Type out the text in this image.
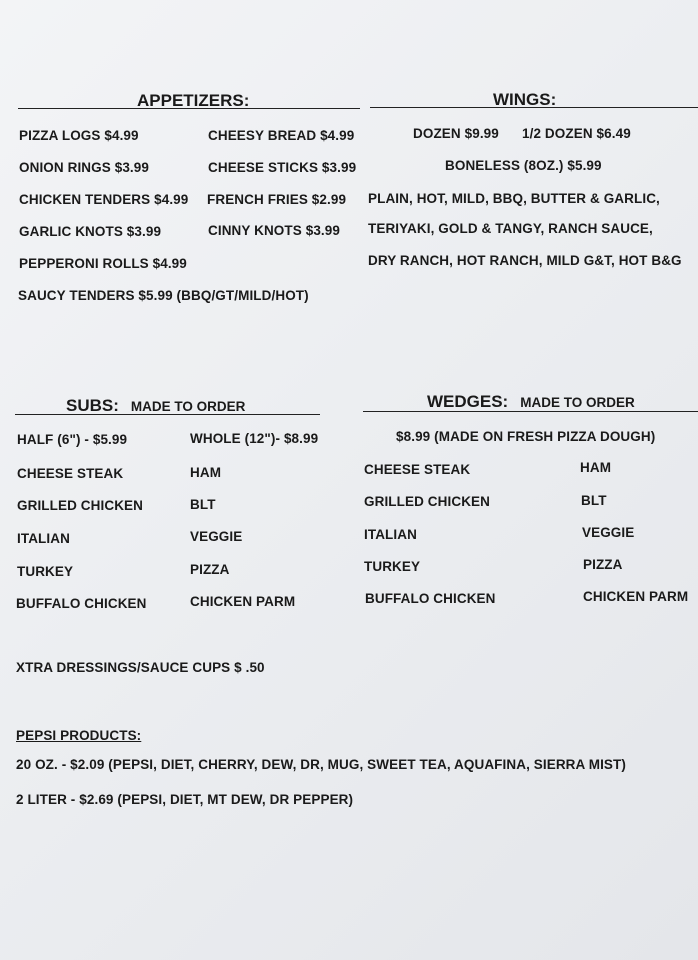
APPETIZERS:
PIZZA LOGS $4.99	CHEESY BREAD $4.99
ONION RINGS $3.99	CHEESE STICKS $3.99
CHICKEN TENDERS $4.99 FRENCH FRIES $2.99
GARLIC KNOTS $3.99	CINNY KNOTS $3.99
PEPPERONI ROLLS $4.99
SAUCY TENDERS $5.99 (BBQ/GT/MILD/HOT)
WINGS:
DOZEN $9.99 1/2 DOZEN $6.49
BONELESS (8OZ.) $5.99
PLAIN, HOT, MILD, BBQ, BUTTER & GARLIC,
TERIYAKI, GOLD & TANGY, RANCH SAUCE,
DRY RANCH, HOT RANCH, MILD G&T, HOT B&G
SUBS: MADE TO ORDER
HALF (6") - $5.99	WHOLE (12")- $8.99
CHEESE STEAK	HAM
GRILLED CHICKEN	BLT
ITALIAN	VEGGIE
TURKEY	PIZZA
BUFFALO CHICKEN	CHICKEN PARM
WEDGES: MADE TO ORDER
$8.99 (MADE ON FRESH PIZZA DOUGH)
CHEESE STEAK	HAM
GRILLED CHICKEN	BLT
ITALIAN	VEGGIE
TURKEY	PIZZA
BUFFALO CHICKEN	CHICKEN PARM
XTRA DRESSINGS/SAUCE CUPS $ .50
PEPSI PRODUCTS:
20 OZ. - $2.09 (PEPSI, DIET, CHERRY, DEW, DR, MUG, SWEET TEA, AQUAFINA, SIERRA MIST)
2 LITER - $2.69 (PEPSI, DIET, MT DEW, DR PEPPER)
